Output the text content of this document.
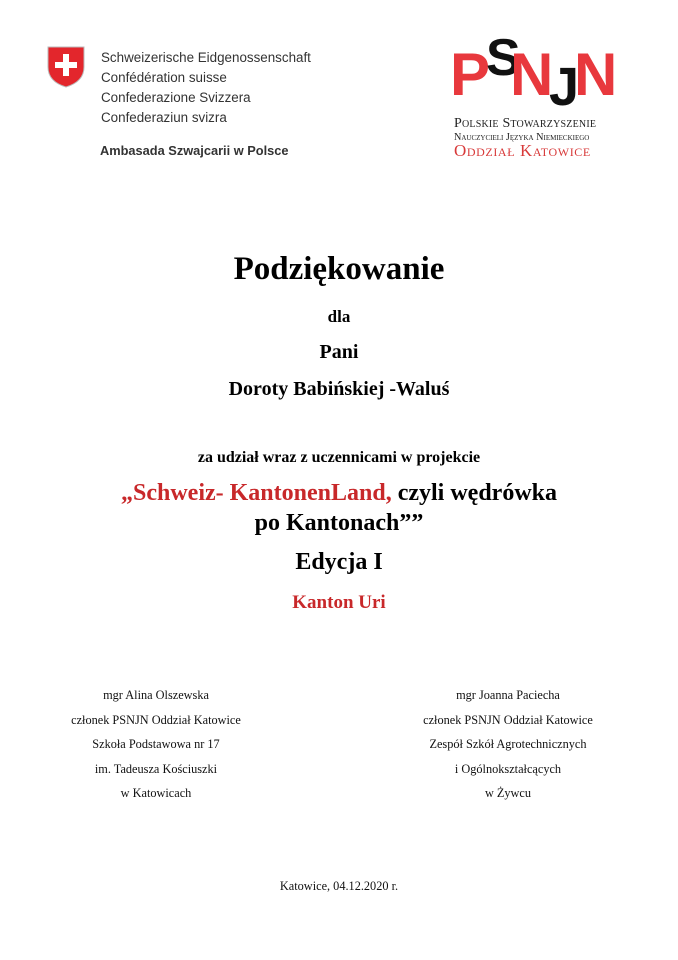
Schweizerische Eidgenossenschaft
Confédération suisse
Confederazione Svizzera
Confederaziun svizra
Ambasada Szwajcarii w Polsce
P
S
N
J
N
Polskie Stowarzyszenie
Nauczycieli Języka Niemieckiego
Oddział Katowice
Podziękowanie
dla
Pani
Doroty Babińskiej -Waluś
za udział wraz z uczennicami w projekcie
„Schweiz- KantonenLand, czyli wędrówka
po Kantonach””
Edycja I
Kanton Uri
mgr Alina Olszewska
członek PSNJN Oddział Katowice
Szkoła Podstawowa nr 17
im. Tadeusza Kościuszki
w Katowicach
mgr Joanna Paciecha
członek PSNJN Oddział Katowice
Zespół Szkół Agrotechnicznych
i Ogólnokształcących
w Żywcu
Katowice, 04.12.2020 r.
